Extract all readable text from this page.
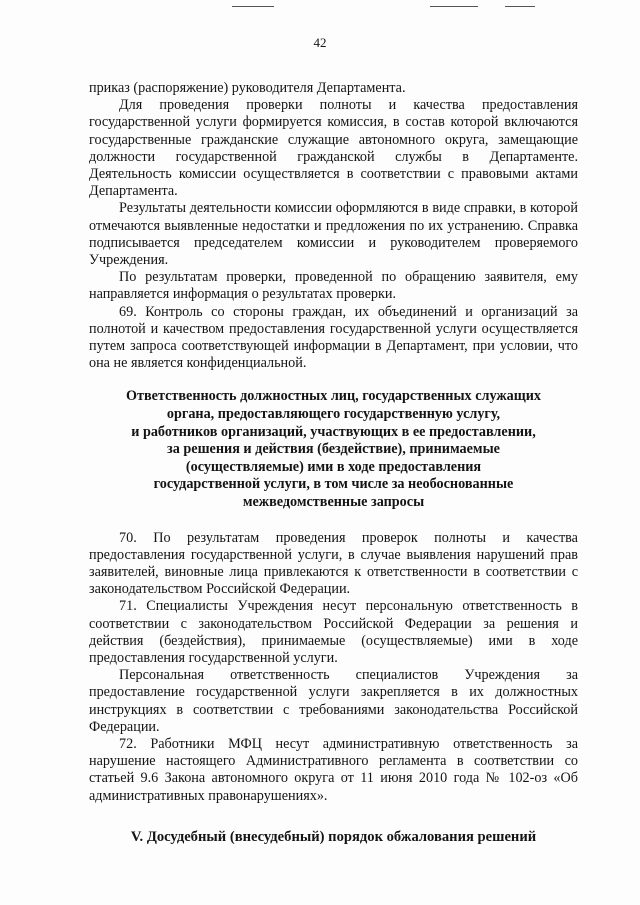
42

приказ (распоряжение) руководителя Департамента.

Для проведения проверки полноты и качества предоставления государственной услуги формируется комиссия, в состав которой включаются государственные гражданские служащие автономного округа, замещающие должности государственной гражданской службы в Департаменте. Деятельность комиссии осуществляется в соответствии с правовыми актами Департамента.

Результаты деятельности комиссии оформляются в виде справки, в которой отмечаются выявленные недостатки и предложения по их устранению. Справка подписывается председателем комиссии и руководителем проверяемого Учреждения.

По результатам проверки, проведенной по обращению заявителя, ему направляется информация о результатах проверки.

69. Контроль со стороны граждан, их объединений и организаций за полнотой и качеством предоставления государственной услуги осуществляется путем запроса соответствующей информации в Департамент, при условии, что она не является конфиденциальной.

Ответственность должностных лиц, государственных служащих

органа, предоставляющего государственную услугу,

и работников организаций, участвующих в ее предоставлении,

за решения и действия (бездействие), принимаемые

(осуществляемые) ими в ходе предоставления

государственной услуги, в том числе за необоснованные

межведомственные запросы

70. По результатам проведения проверок полноты и качества предоставления государственной услуги, в случае выявления нарушений прав заявителей, виновные лица привлекаются к ответственности в соответствии с законодательством Российской Федерации.

71. Специалисты Учреждения несут персональную ответственность в соответствии с законодательством Российской Федерации за решения и действия (бездействия), принимаемые (осуществляемые) ими в ходе предоставления государственной услуги.

Персональная ответственность специалистов Учреждения за предоставление государственной услуги закрепляется в их должностных инструкциях в соответствии с требованиями законодательства Российской Федерации.

72. Работники МФЦ несут административную ответственность за нарушение настоящего Административного регламента в соответствии со статьей 9.6 Закона автономного округа от 11 июня 2010 года № 102-оз «Об административных правонарушениях».

V. Досудебный (внесудебный) порядок обжалования решений
